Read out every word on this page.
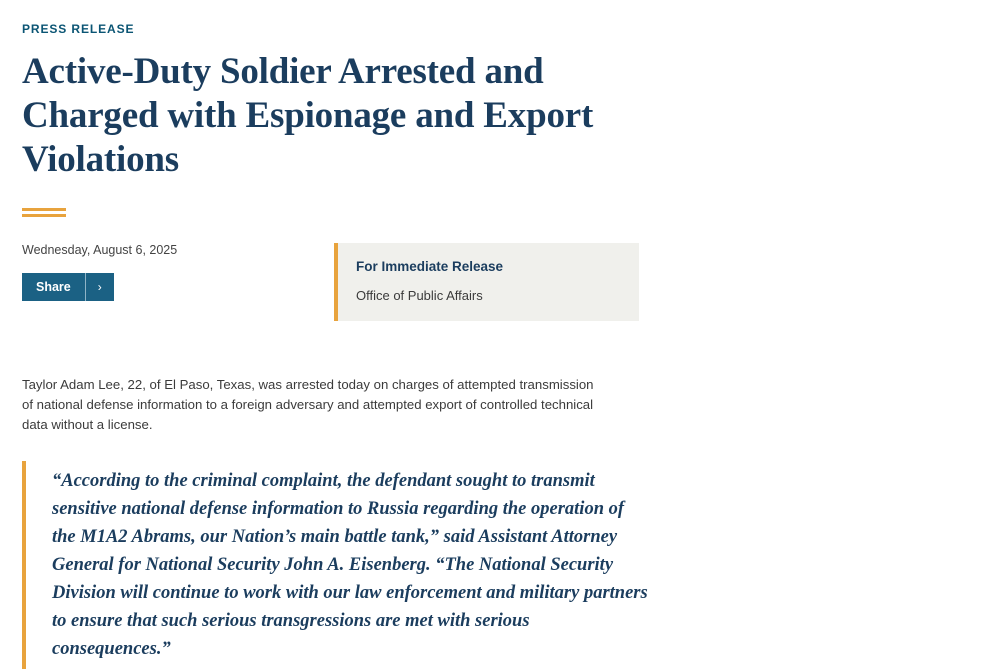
PRESS RELEASE
Active-Duty Soldier Arrested and Charged with Espionage and Export Violations
Wednesday, August 6, 2025
Share	›
For Immediate Release
Office of Public Affairs

Taylor Adam Lee, 22, of El Paso, Texas, was arrested today on charges of attempted transmission of national defense information to a foreign adversary and attempted export of controlled technical data without a license.

“According to the criminal complaint, the defendant sought to transmit sensitive national defense information to Russia regarding the operation of the M1A2 Abrams, our Nation’s main battle tank,” said Assistant Attorney General for National Security John A. Eisenberg. “The National Security Division will continue to work with our law enforcement and military partners to ensure that such serious transgressions are met with serious consequences.”
